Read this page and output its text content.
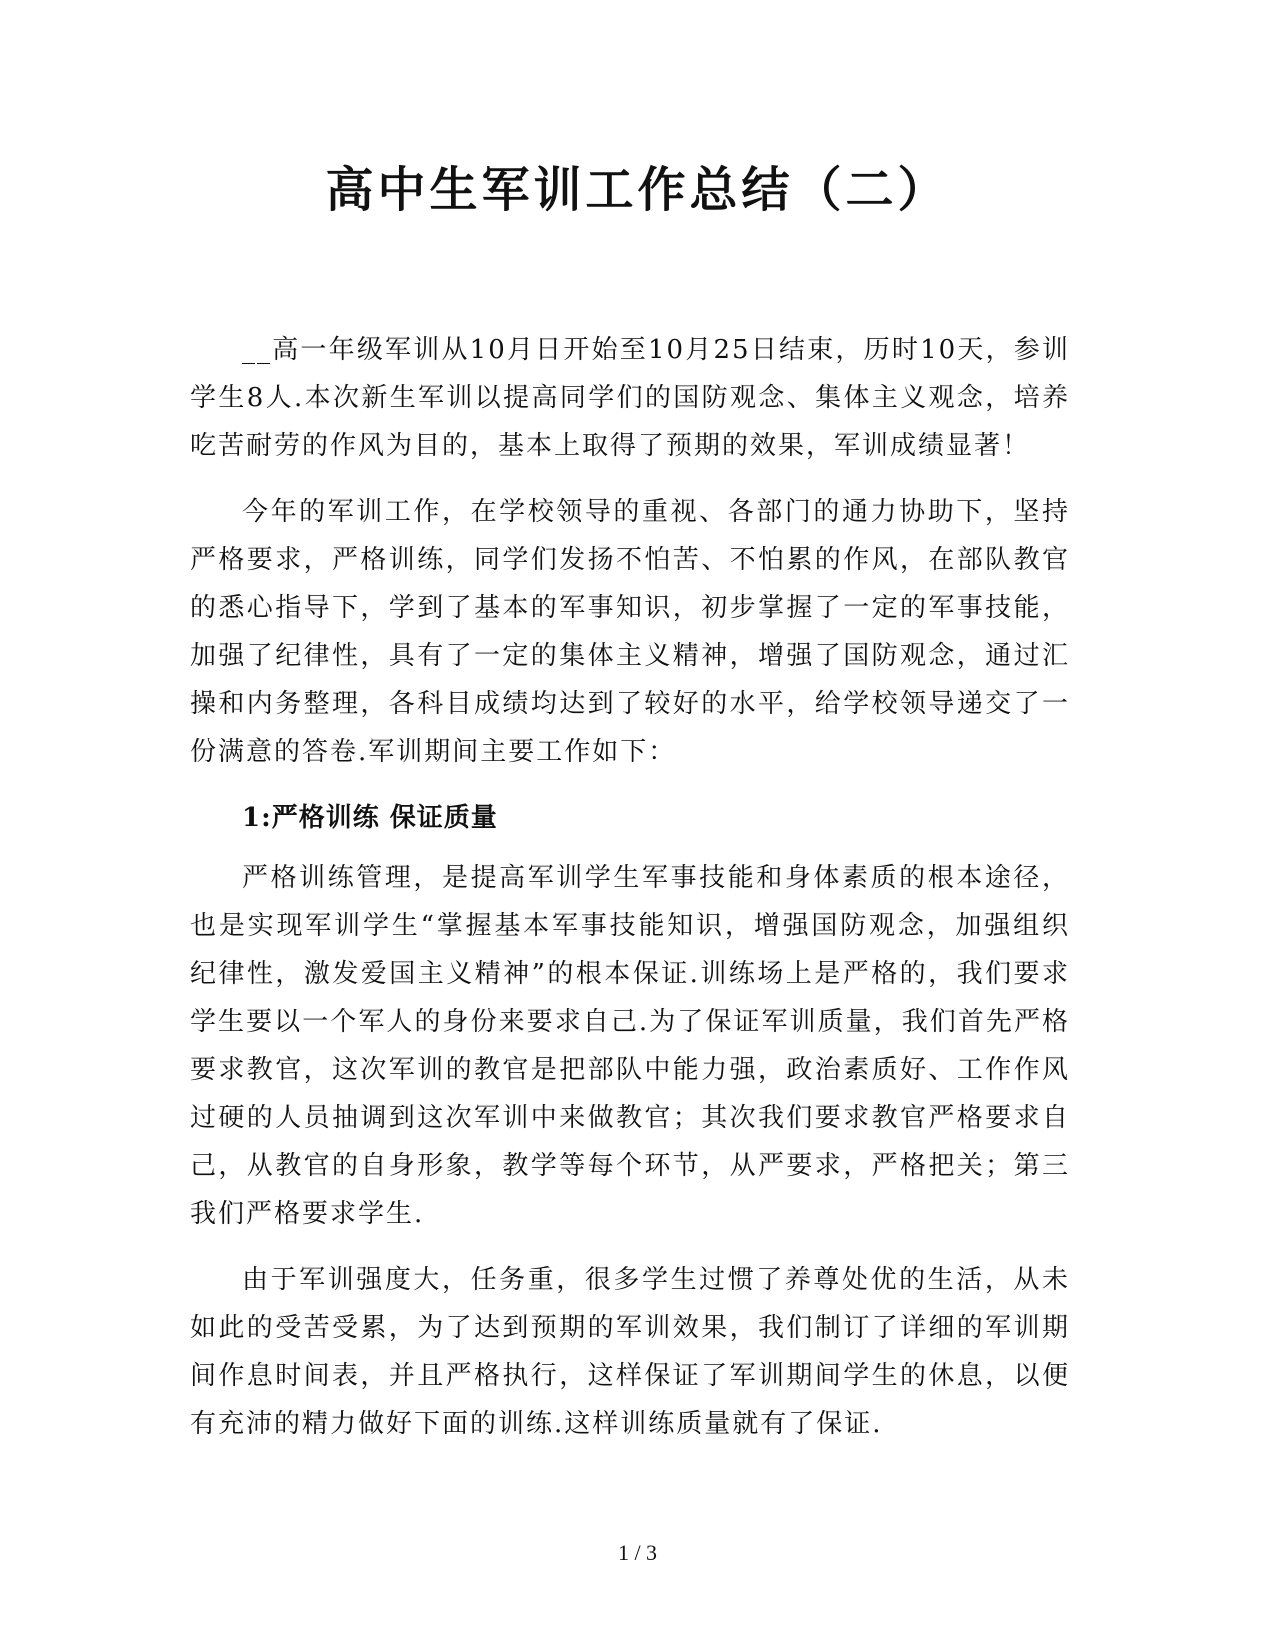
高中生军训工作总结（二）

__高一年级军训从10月日开始至10月25日结束，历时10天，参训学生8人.本次新生军训以提高同学们的国防观念、集体主义观念，培养吃苦耐劳的作风为目的，基本上取得了预期的效果，军训成绩显著！

今年的军训工作，在学校领导的重视、各部门的通力协助下，坚持严格要求，严格训练，同学们发扬不怕苦、不怕累的作风，在部队教官的悉心指导下，学到了基本的军事知识，初步掌握了一定的军事技能，加强了纪律性，具有了一定的集体主义精神，增强了国防观念，通过汇操和内务整理，各科目成绩均达到了较好的水平，给学校领导递交了一份满意的答卷.军训期间主要工作如下：

1:严格训练 保证质量

严格训练管理，是提高军训学生军事技能和身体素质的根本途径，也是实现军训学生“掌握基本军事技能知识，增强国防观念，加强组织纪律性，激发爱国主义精神”的根本保证.训练场上是严格的，我们要求学生要以一个军人的身份来要求自己.为了保证军训质量，我们首先严格要求教官，这次军训的教官是把部队中能力强，政治素质好、工作作风过硬的人员抽调到这次军训中来做教官；其次我们要求教官严格要求自己，从教官的自身形象，教学等每个环节，从严要求，严格把关；第三我们严格要求学生.

由于军训强度大，任务重，很多学生过惯了养尊处优的生活，从未如此的受苦受累，为了达到预期的军训效果，我们制订了详细的军训期间作息时间表，并且严格执行，这样保证了军训期间学生的休息，以便有充沛的精力做好下面的训练.这样训练质量就有了保证.

1 / 3
